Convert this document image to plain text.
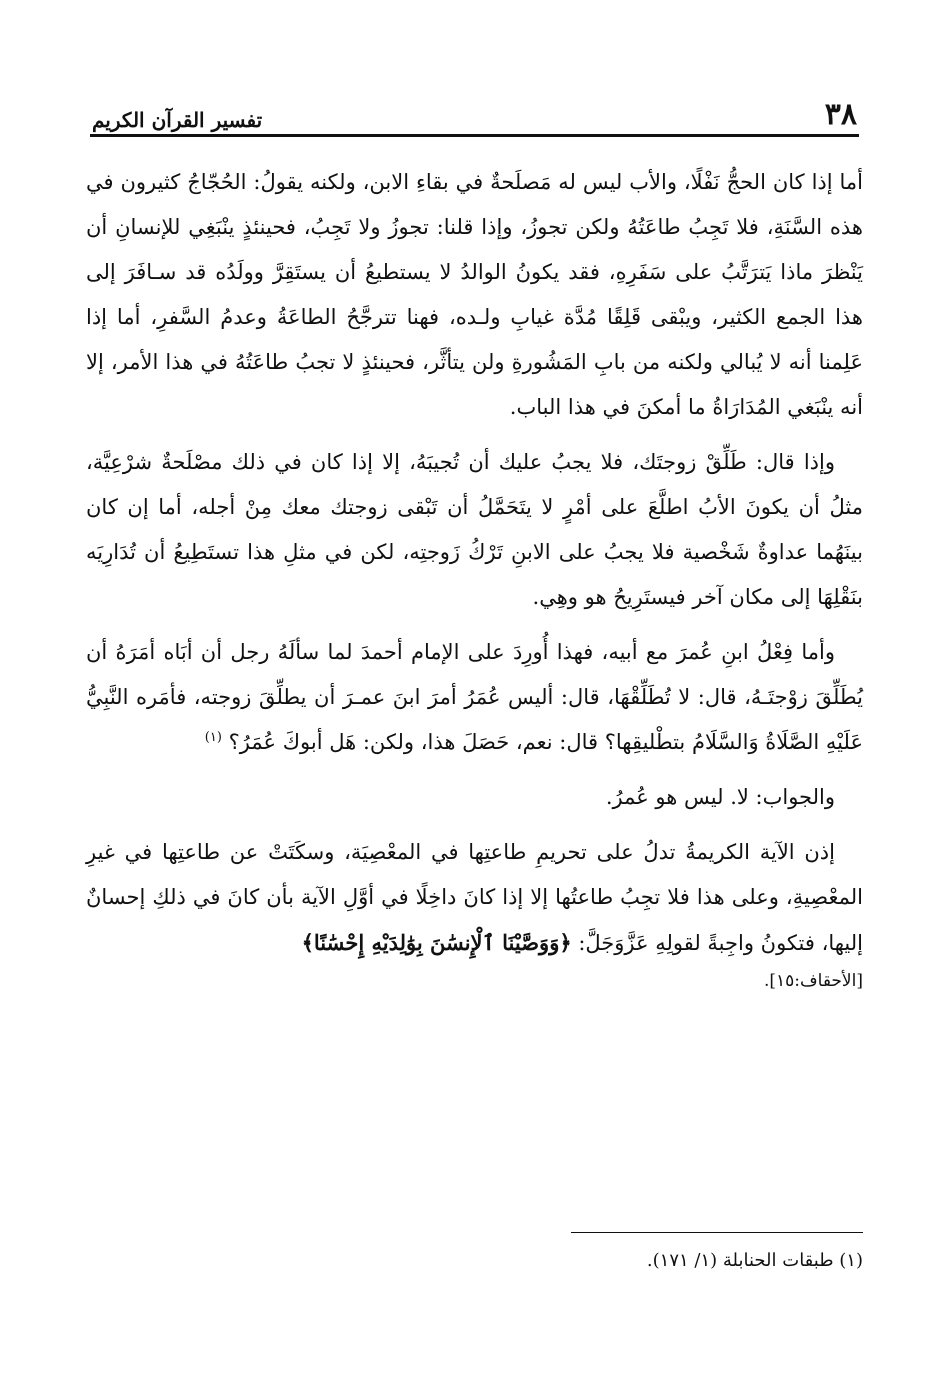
٣٨
تفسير القرآن الكريم

أما إذا كان الحجُّ نَفْلًا، والأب ليس له مَصلَحةٌ في بقاءِ الابن، ولكنه يقولُ: الحُجّاجُ كثيرون في هذه السَّنَةِ، فلا تَجِبُ طاعَتُهُ ولكن تجوزُ، وإذا قلنا: تجوزُ ولا تَجِبُ، فحينئذٍ ينْبَغِي للإنسانِ أن يَنْظرَ ماذا يَترَتَّبُ على سَفَرِهِ، فقد يكونُ الوالدُ لا يستطيعُ أن يستَقِرَّ وولَدُه قد سـافَرَ إلى هذا الجمع الكثير، ويبْقى قَلِقًا مُدَّة غيابِ ولـده، فهنا تترجَّحُ الطاعَةُ وعدمُ السَّفرِ، أما إذا عَلِمنا أنه لا يُبالي ولكنه من بابِ المَشُورةِ ولن يتأثَّر، فحينئذٍ لا تجبُ طاعَتُهُ في هذا الأمر، إلا أنه ينْبَغي المُدَارَاةُ ما أمكنَ في هذا الباب.

وإذا قال: طَلِّقْ زوجتَك، فلا يجبُ عليك أن تُجيبَهُ، إلا إذا كان في ذلك مصْلَحةٌ شرْعِيَّة، مثلُ أن يكونَ الأبُ اطلَّعَ على أمْرٍ لا يتَحَمَّلُ أن تَبْقى زوجتك معك مِنْ أجله، أما إن كان بينَهُما عداوةٌ شَخْصية فلا يجبُ على الابنِ تَرْكُ زَوجتِه، لكن في مثلِ هذا تستَطِيعُ أن تُدَارِيَه بنَقْلِهَا إلى مكان آخر فيستَرِيحُ هو وهِي.

وأما فِعْلُ ابنِ عُمرَ مع أبيه، فهذا أُورِدَ على الإمام أحمدَ لما سألَهُ رجل أن أبَاه أمَرَهُ أن يُطَلِّقَ زوْجتَـهُ، قال: لا تُطَلِّقْهَا، قال: أليس عُمَرُ أمرَ ابنَ عمـرَ أن يطلِّقَ زوجته، فأمَره النَّبِيُّ عَلَيْهِ الصَّلَاةُ وَالسَّلَامُ بتطْليقِها؟ قال: نعم، حَصَلَ هذا، ولكن: هَل أبوكَ عُمَرُ؟ $^{(١)}$

والجواب: لا. ليس هو عُمرُ.

إذن الآية الكريمةُ تدلُ على تحريمِ طاعتِها في المعْصِيَة، وسكَتَتْ عن طاعتِها في غيرِ المعْصِيةِ، وعلى هذا فلا تجِبُ طاعتُها إلا إذا كانَ داخِلًا في أوَّلِ الآية بأن كانَ في ذلكِ إحسانٌ إليها، فتكونُ واجِبةً لقولِهِ عَزَّوَجَلَّ: ﴿وَوَصَّيْنَا ٱلْإِنسَٰنَ بِوَٰلِدَيْهِ إِحْسَٰنًا﴾
[الأحقاف:١٥].

(١) طبقات الحنابلة (١/ ١٧١).
